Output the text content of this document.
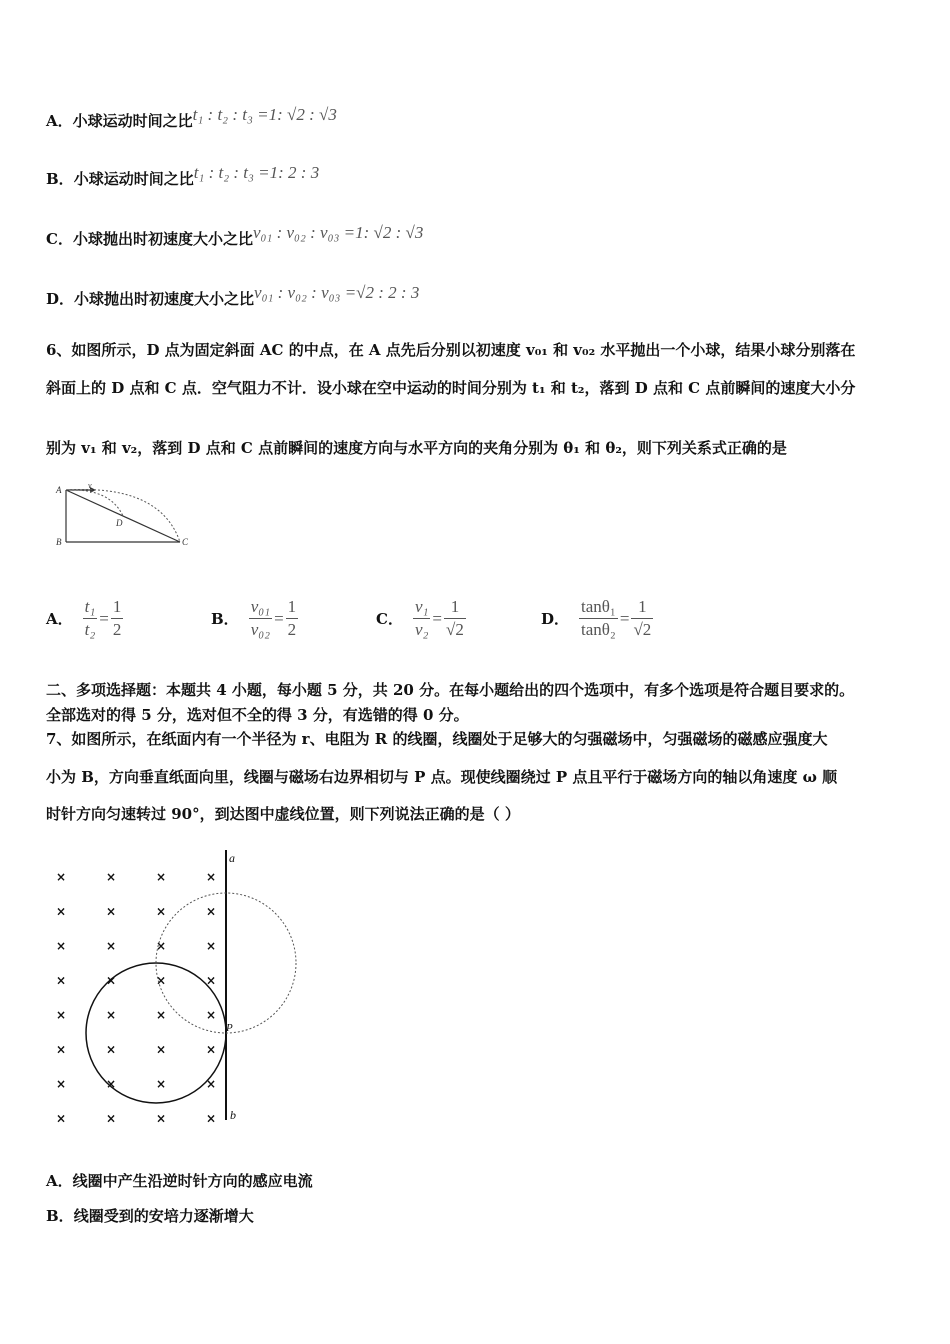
A．小球运动时间之比t₁ : t₂ : t₃ =1: √2 : √3
B．小球运动时间之比t₁ : t₂ : t₃ =1: 2 : 3
C．小球抛出时初速度大小之比v₀₁ : v₀₂ : v₀₃ =1: √2 : √3
D．小球抛出时初速度大小之比v₀₁ : v₀₂ : v₀₃ =√2 : 2 : 3
6、如图所示，D 点为固定斜面 AC 的中点，在 A 点先后分别以初速度 v₀₁ 和 v₀₂ 水平抛出一个小球，结果小球分别落在
斜面上的 D 点和 C 点．空气阻力不计．设小球在空中运动的时间分别为 t₁ 和 t₂，落到 D 点和 C 点前瞬间的速度大小分
别为 v₁ 和 v₂，落到 D 点和 C 点前瞬间的速度方向与水平方向的夹角分别为 θ₁ 和 θ₂，则下列关系式正确的是
A	v
D
B	C
A． $\frac{\text{t₁}}{\text{t₂}} = \frac{1}{2}$	B． $\frac{\text{v₀₁}}{\text{v₀₂}} = \frac{1}{2}$	C． $\frac{\text{v₁}}{\text{v₂}} = \frac{1}{√2}$	D． $\frac{\text{tanθ₁}}{\text{tanθ₂}} = \frac{1}{√2}$
二、多项选择题：本题共 4 小题，每小题 5 分，共 20 分。在每小题给出的四个选项中，有多个选项是符合题目要求的。
全部选对的得 5 分，选对但不全的得 3 分，有选错的得 0 分。
7、如图所示，在纸面内有一个半径为 r、电阻为 R 的线圈，线圈处于足够大的匀强磁场中，匀强磁场的磁感应强度大
小为 B，方向垂直纸面向里，线圈与磁场右边界相切与 P 点。现使线圈绕过 P 点且平行于磁场方向的轴以角速度 ω 顺
时针方向匀速转过 90°，到达图中虚线位置，则下列说法正确的是（ ）
×	×	×	×
×	×	×	×
×	×	×	×
×	×	×	×
×	×	×	×
×	×	×	×
×	×	×	×
×	×	×	×
a
P
b
A．线圈中产生沿逆时针方向的感应电流
B．线圈受到的安培力逐渐增大
